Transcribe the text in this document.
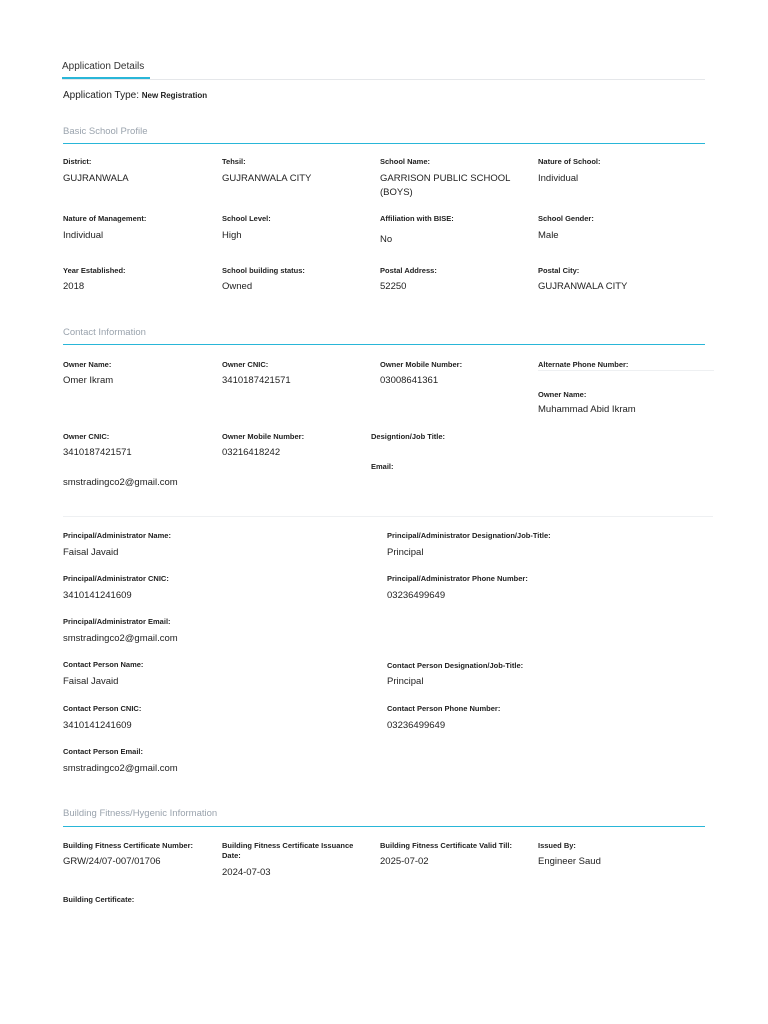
Application Details
Application Type: New Registration
Basic School Profile
District:
GUJRANWALA
Tehsil:
GUJRANWALA CITY
School Name:
GARRISON PUBLIC SCHOOL (BOYS)
Nature of School:
Individual
Nature of Management:
Individual
School Level:
High
Affiliation with BISE:
No
School Gender:
Male
Year Established:
2018
School building status:
Owned
Postal Address:
52250
Postal City:
GUJRANWALA CITY
Contact Information
Owner Name:
Omer Ikram
Owner CNIC:
3410187421571
Owner Mobile Number:
03008641361
Alternate Phone Number:
Owner Name:
Muhammad Abid Ikram
Owner CNIC:
3410187421571
Owner Mobile Number:
03216418242
Designtion/Job Title:
Email:
smstradingco2@gmail.com
Principal/Administrator Name:
Faisal Javaid
Principal/Administrator Designation/Job-Title:
Principal
Principal/Administrator CNIC:
3410141241609
Principal/Administrator Phone Number:
03236499649
Principal/Administrator Email:
smstradingco2@gmail.com
Contact Person Name:
Faisal Javaid
Contact Person Designation/Job-Title:
Principal
Contact Person CNIC:
3410141241609
Contact Person Phone Number:
03236499649
Contact Person Email:
smstradingco2@gmail.com
Building Fitness/Hygenic Information
Building Fitness Certificate Number:
GRW/24/07-007/01706
Building Fitness Certificate Issuance Date:
2024-07-03
Building Fitness Certificate Valid Till:
2025-07-02
Issued By:
Engineer Saud
Building Certificate:
